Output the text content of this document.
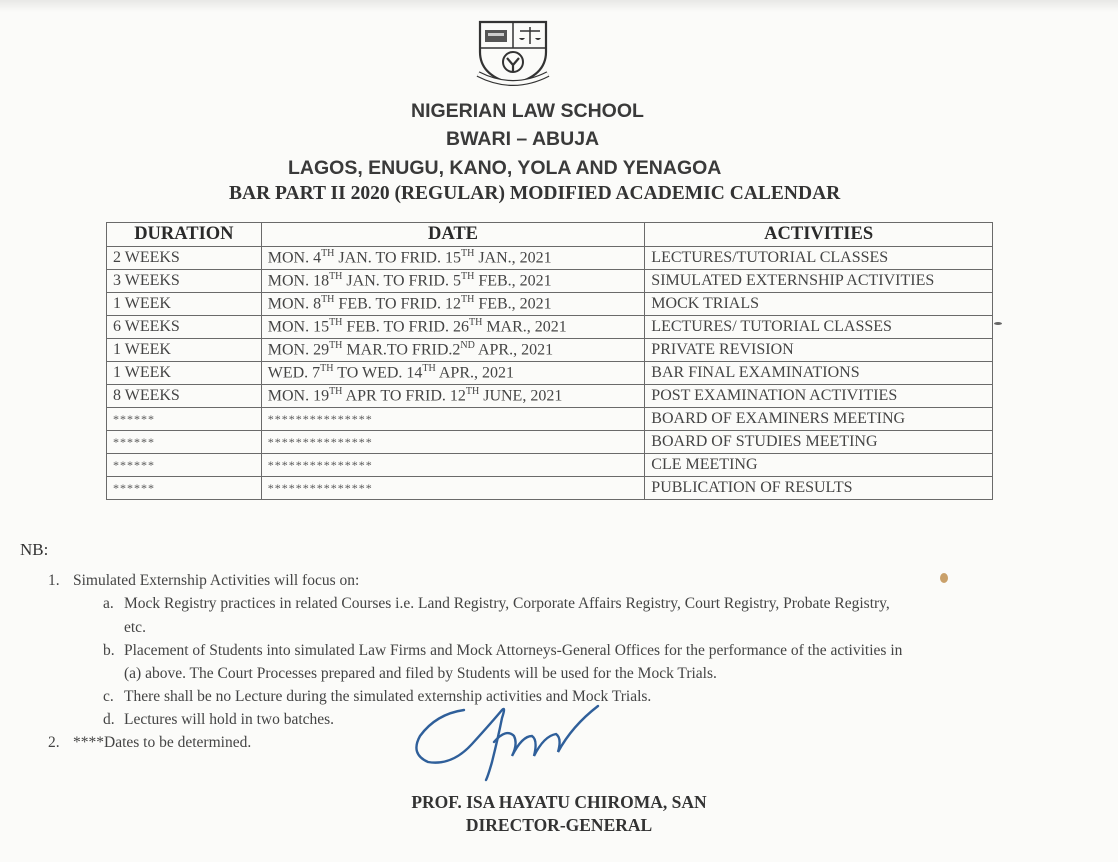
NIGERIAN LAW SCHOOL
BWARI – ABUJA
LAGOS, ENUGU, KANO, YOLA AND YENAGOA
BAR PART II 2020 (REGULAR) MODIFIED ACADEMIC CALENDAR
DURATION	DATE	ACTIVITIES
2 WEEKS	MON. 4TH JAN. TO FRID. 15TH JAN., 2021	LECTURES/TUTORIAL CLASSES
3 WEEKS	MON. 18TH JAN. TO FRID. 5TH FEB., 2021	SIMULATED EXTERNSHIP ACTIVITIES
1 WEEK	MON. 8TH FEB. TO FRID. 12TH FEB., 2021	MOCK TRIALS
6 WEEKS	MON. 15TH FEB. TO FRID. 26TH MAR., 2021	LECTURES/ TUTORIAL CLASSES
1 WEEK	MON. 29TH MAR.TO FRID.2ND APR., 2021	PRIVATE REVISION
1 WEEK	WED. 7TH TO WED. 14TH APR., 2021	BAR FINAL EXAMINATIONS
8 WEEKS	MON. 19TH APR TO FRID. 12TH JUNE, 2021	POST EXAMINATION ACTIVITIES
******	***************	BOARD OF EXAMINERS MEETING
******	***************	BOARD OF STUDIES MEETING
******	***************	CLE MEETING
******	***************	PUBLICATION OF RESULTS
NB:
1. Simulated Externship Activities will focus on:
a. Mock Registry practices in related Courses i.e. Land Registry, Corporate Affairs Registry, Court Registry, Probate Registry,
etc.
b. Placement of Students into simulated Law Firms and Mock Attorneys-General Offices for the performance of the activities in
(a) above. The Court Processes prepared and filed by Students will be used for the Mock Trials.
c. There shall be no Lecture during the simulated externship activities and Mock Trials.
d. Lectures will hold in two batches.
2. ****Dates to be determined.
PROF. ISA HAYATU CHIROMA, SAN
DIRECTOR-GENERAL
